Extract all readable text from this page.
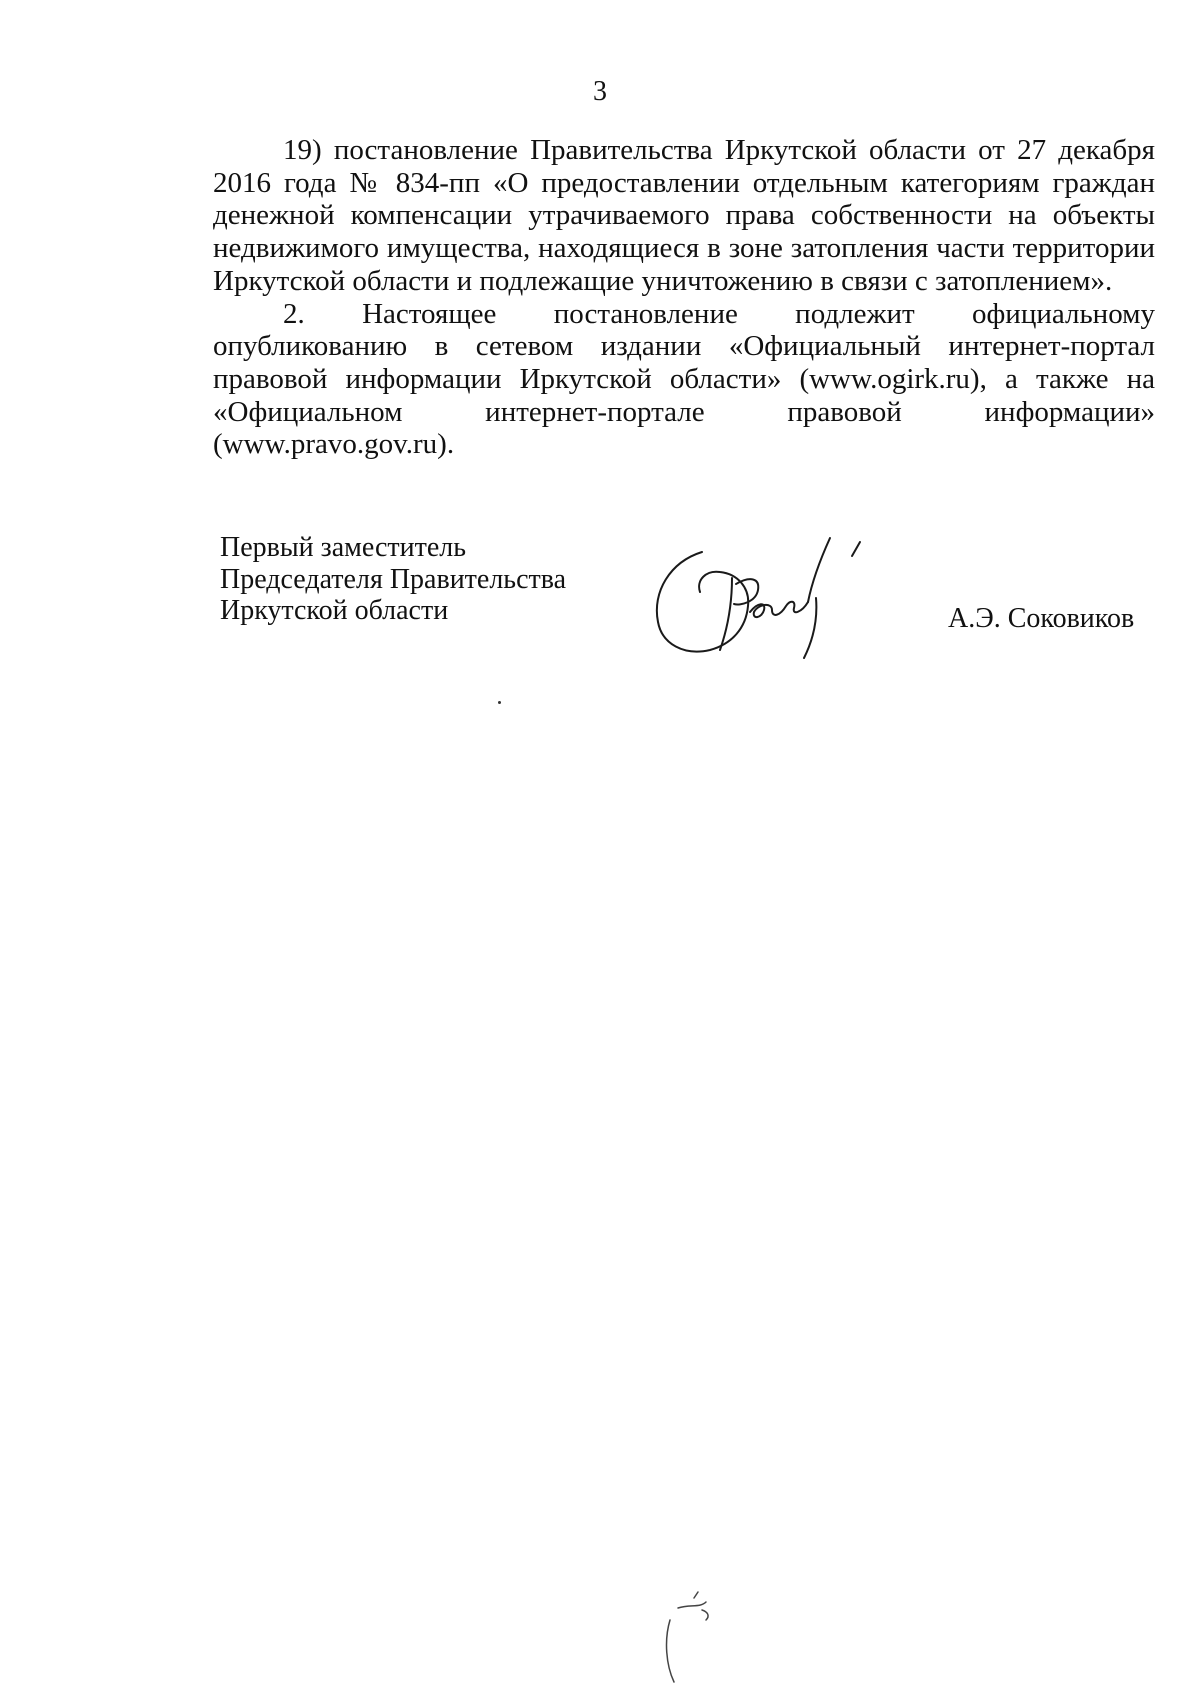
3

19) постановление Правительства Иркутской области от 27 декабря 2016 года № 834-пп «О предоставлении отдельным категориям граждан денежной компенсации утрачиваемого права собственности на объекты недвижимого имущества, находящиеся в зоне затопления части территории Иркутской области и подлежащие уничтожению в связи с затоплением».

2. Настоящее постановление подлежит официальному опубликованию в сетевом издании «Официальный интернет-портал правовой информации Иркутской области» (www.ogirk.ru), а также на «Официальном интернет-портале правовой информации» (www.pravo.gov.ru).

Первый заместитель
Председателя Правительства
Иркутской области	А.Э. Соковиков
